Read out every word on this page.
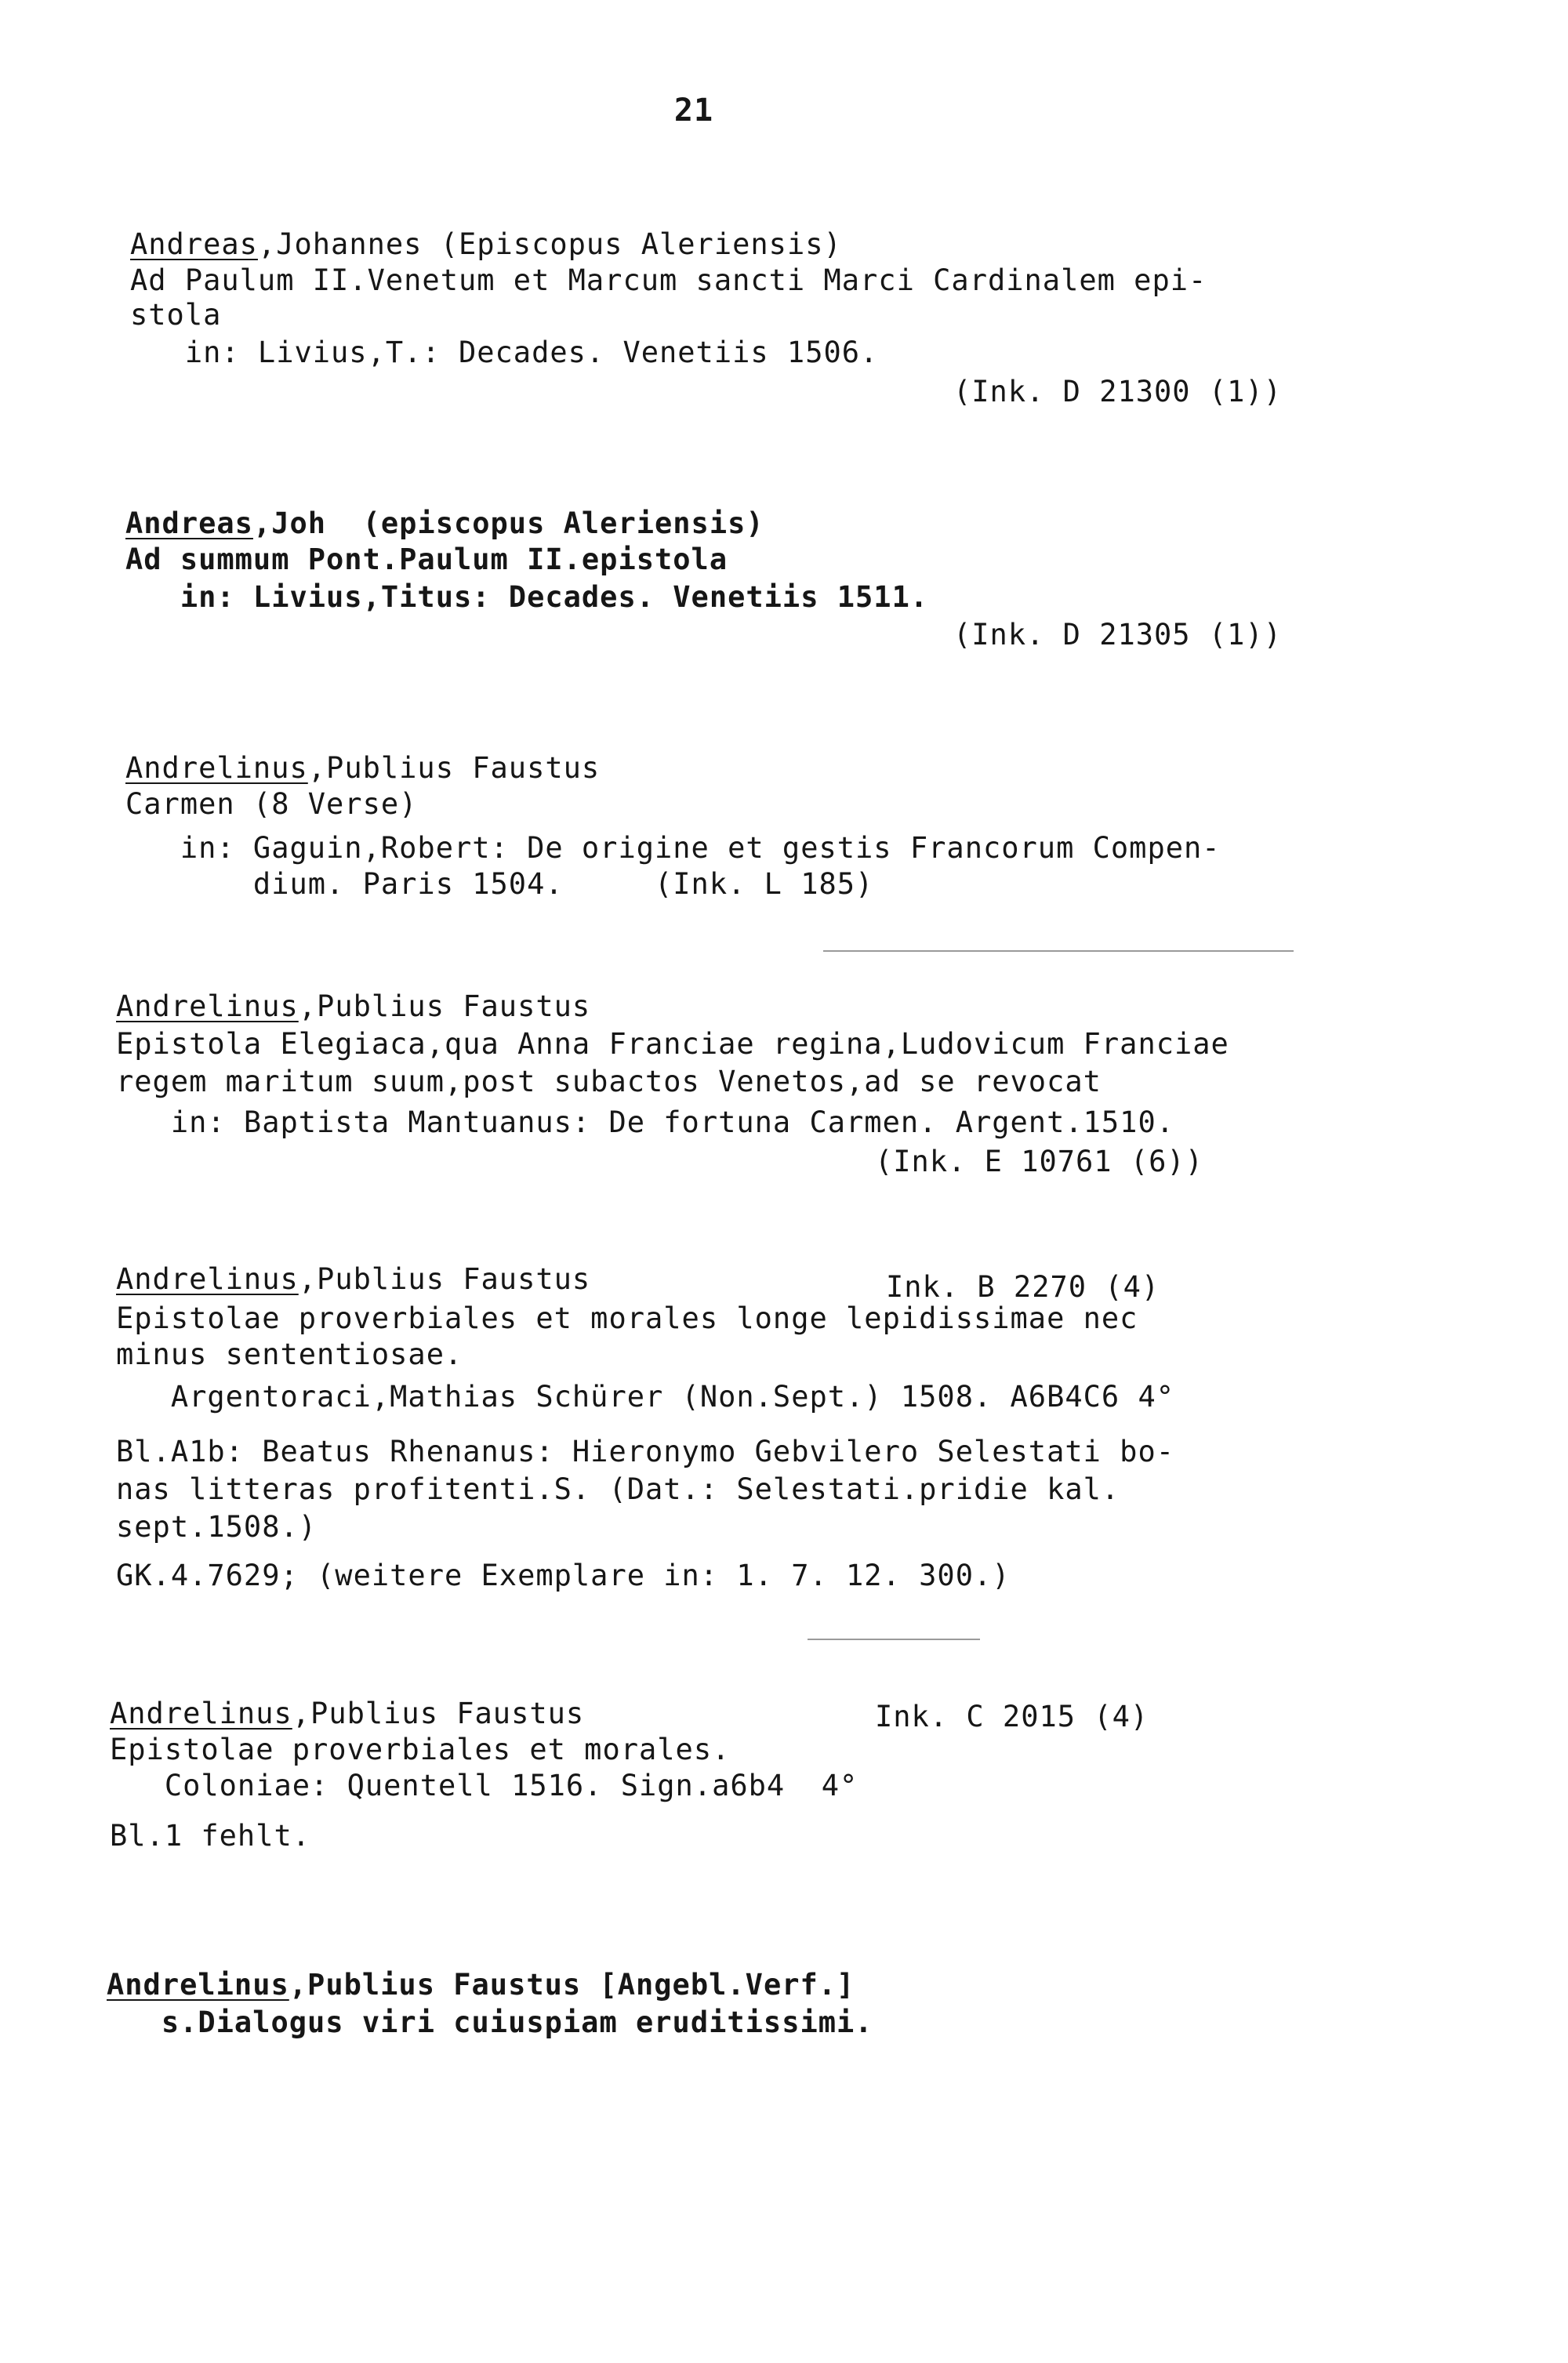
21
Andreas,Johannes (Episcopus Aleriensis)
Ad Paulum II.Venetum et Marcum sancti Marci Cardinalem epi-
stola
in: Livius,T.: Decades. Venetiis 1506.
(Ink. D 21300 (1))
Andreas,Joh  (episcopus Aleriensis)
Ad summum Pont.Paulum II.epistola
in: Livius,Titus: Decades. Venetiis 1511.
(Ink. D 21305 (1))
Andrelinus,Publius Faustus
Carmen (8 Verse)
in: Gaguin,Robert: De origine et gestis Francorum Compen-
dium. Paris 1504.     (Ink. L 185)
Andrelinus,Publius Faustus
Epistola Elegiaca,qua Anna Franciae regina,Ludovicum Franciae
regem maritum suum,post subactos Venetos,ad se revocat
in: Baptista Mantuanus: De fortuna Carmen. Argent.1510.
(Ink. E 10761 (6))
Andrelinus,Publius Faustus	Ink. B 2270 (4)
Epistolae proverbiales et morales longe lepidissimae nec
minus sententiosae.
Argentoraci,Mathias Schürer (Non.Sept.) 1508. A6B4C6 4°
Bl.A1b: Beatus Rhenanus: Hieronymo Gebvilero Selestati bo-
nas litteras profitenti.S. (Dat.: Selestati.pridie kal.
sept.1508.)
GK.4.7629; (weitere Exemplare in: 1. 7. 12. 300.)
Andrelinus,Publius Faustus	Ink. C 2015 (4)
Epistolae proverbiales et morales.
Coloniae: Quentell 1516. Sign.a6b4  4°
Bl.1 fehlt.
Andrelinus,Publius Faustus [Angebl.Verf.]
s.Dialogus viri cuiuspiam eruditissimi.
